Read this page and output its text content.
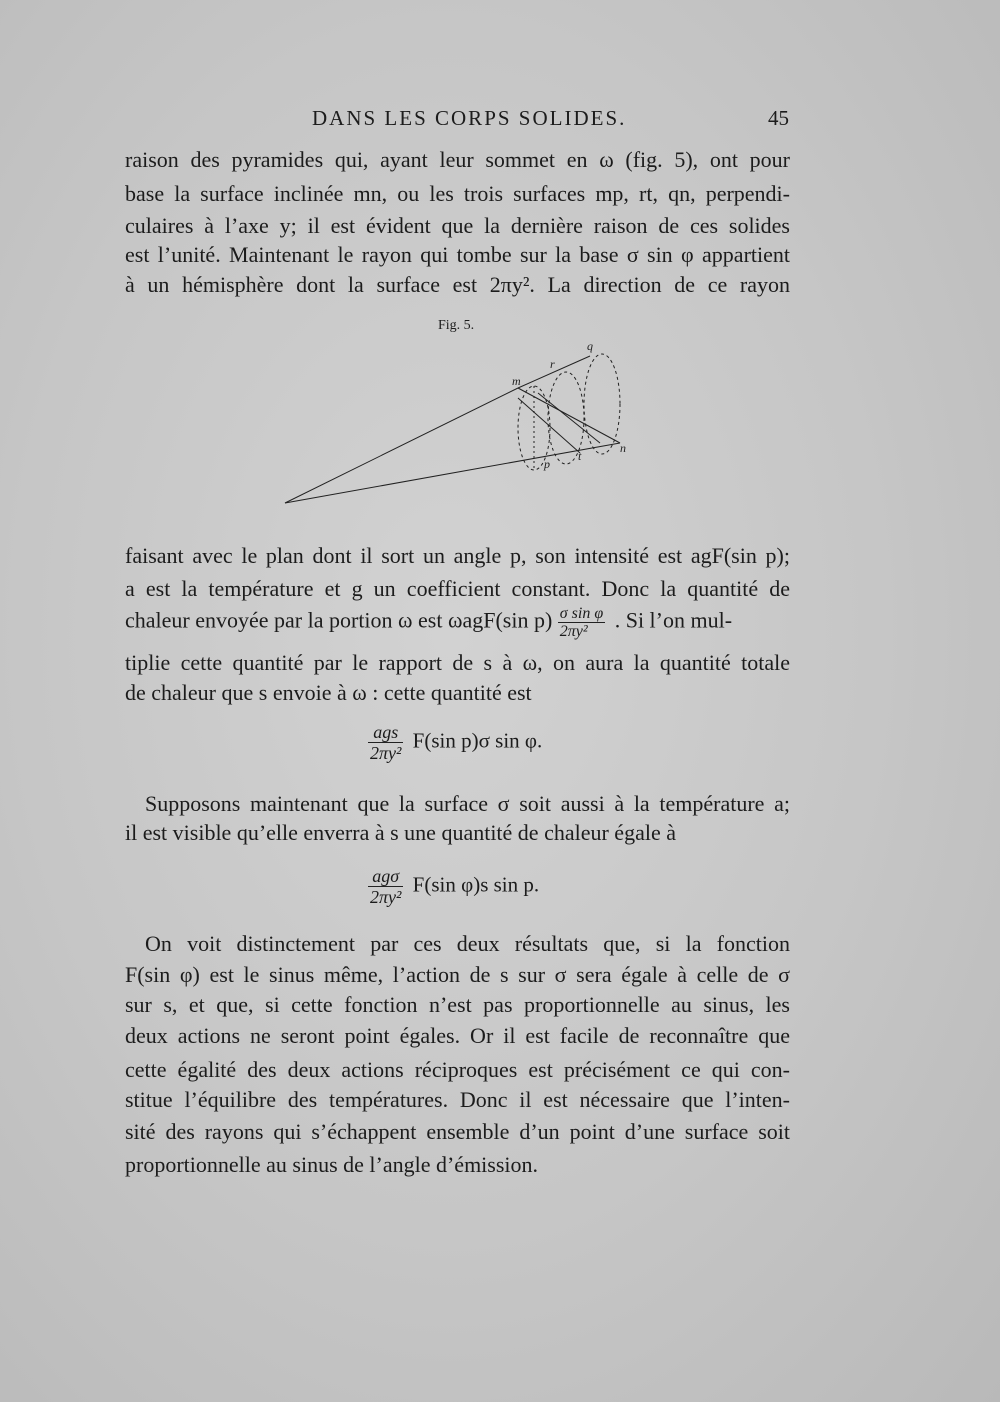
DANS LES CORPS SOLIDES.	45
raison des pyramides qui, ayant leur sommet en ω (fig. 5), ont pour
base la surface inclinée mn, ou les trois surfaces mp, rt, qn, perpendi-
culaires à l’axe y; il est évident que la dernière raison de ces solides
est l’unité. Maintenant le rayon qui tombe sur la base σ sin φ appartient
à un hémisphère dont la surface est 2πy². La direction de ce rayon
Fig. 5.
q
r
m
n
p
t
faisant avec le plan dont il sort un angle p, son intensité est agF(sin p);
a est la température et g un coefficient constant. Donc la quantité de
chaleur envoyée par la portion ω est ωagF(sin $p) \frac{\text{σ sin φ}}{\text{2πy²}}$ . Si l’on mul-
tiplie cette quantité par le rapport de s à ω, on aura la quantité totale
de chaleur que s envoie à ω : cette quantité est
$\frac{\text{ags}}{\text{2πy²}} F(\sin$ p)σ sin φ.
Supposons maintenant que la surface σ soit aussi à la température a;
il est visible qu’elle enverra à s une quantité de chaleur égale à
$\frac{\text{agσ}}{\text{2πy²}} F(\sin$ φ)s sin p.
On voit distinctement par ces deux résultats que, si la fonction
F(sin φ) est le sinus même, l’action de s sur σ sera égale à celle de σ
sur s, et que, si cette fonction n’est pas proportionnelle au sinus, les
deux actions ne seront point égales. Or il est facile de reconnaître que
cette égalité des deux actions réciproques est précisément ce qui con-
stitue l’équilibre des températures. Donc il est nécessaire que l’inten-
sité des rayons qui s’échappent ensemble d’un point d’une surface soit
proportionnelle au sinus de l’angle d’émission.
